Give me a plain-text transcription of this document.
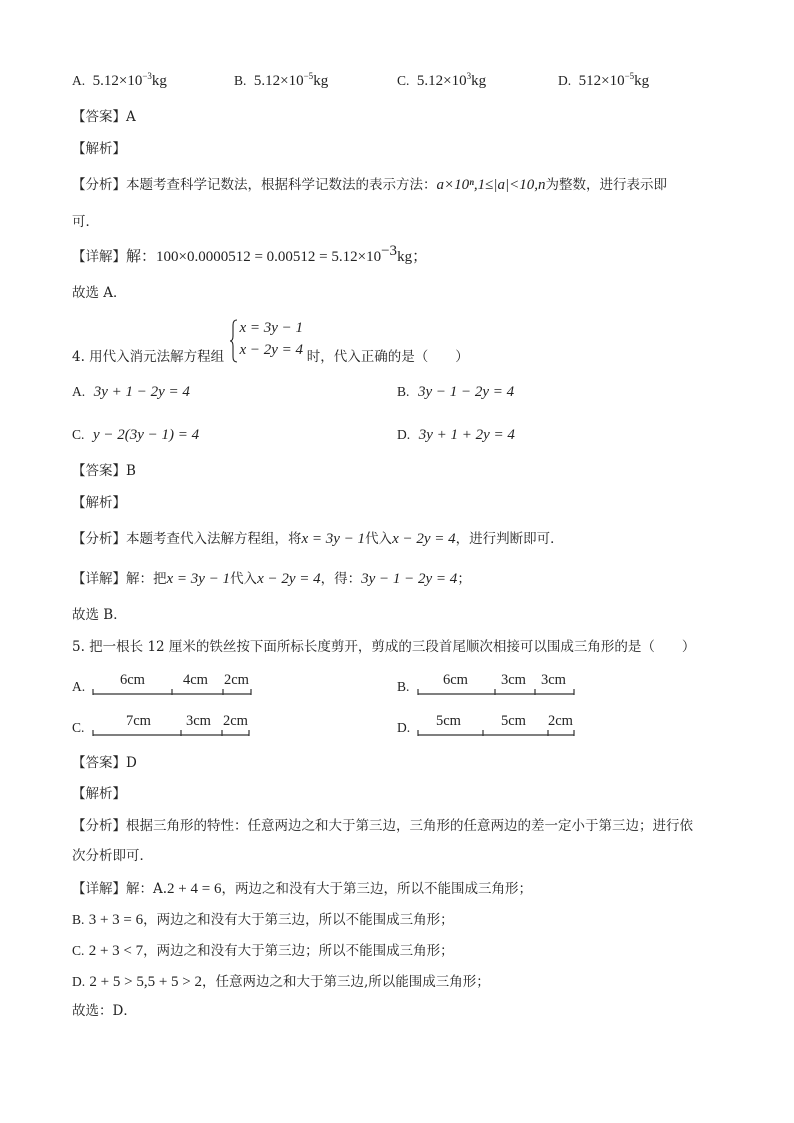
A. $5.12\times 10^{-3}kg$	B. $5.12\times 10^{-5}kg$	C. $5.12\times 10^3kg$	D. $512\times 10^{-5}kg$
【答案】A
【解析】
【分析】本题考查科学记数法，根据科学记数法的表示方法：a×10ⁿ,1≤|a|<10,n为整数，进行表示即
可．
【详解】解：$100\times 0.0000512 = 0.00512 = 5.12\times 10^{-3}kg$；
故选 A．
4. 用代入消元法解方程组
x = 3y − 1
x − 2y = 4 时，代入正确的是（　　）
A. 3y + 1 − 2y = 4	B. 3y − 1 − 2y = 4
C. y − 2(3y − 1) = 4	D. 3y + 1 + 2y = 4
【答案】B
【解析】
【分析】本题考查代入法解方程组，将x = 3y − 1代入x − 2y = 4，进行判断即可．
【详解】解：把x = 3y − 1代入x − 2y = 4，得：3y − 1 − 2y = 4；
故选 B．
5. 把一根长 12 厘米的铁丝按下面所标长度剪开，剪成的三段首尾顺次相接可以围成三角形的是（　　）
A. 6cm	4cm 2cm	B. 6cm 3cm 3cm
C.	7cm 3cm 2cm	D. 5cm	5cm 2cm
【答案】D
【解析】
【分析】根据三角形的特性：任意两边之和大于第三边，三角形的任意两边的差一定小于第三边；进行依
次分析即可．
【详解】解：A.2 + 4 = 6，两边之和没有大于第三边，所以不能围成三角形；
B. 3 + 3 = 6，两边之和没有大于第三边，所以不能围成三角形；
C. 2 + 3 < 7，两边之和没有大于第三边；所以不能围成三角形；
D. 2 + 5 > 5,5 + 5 > 2，任意两边之和大于第三边,所以能围成三角形；
故选：D．
